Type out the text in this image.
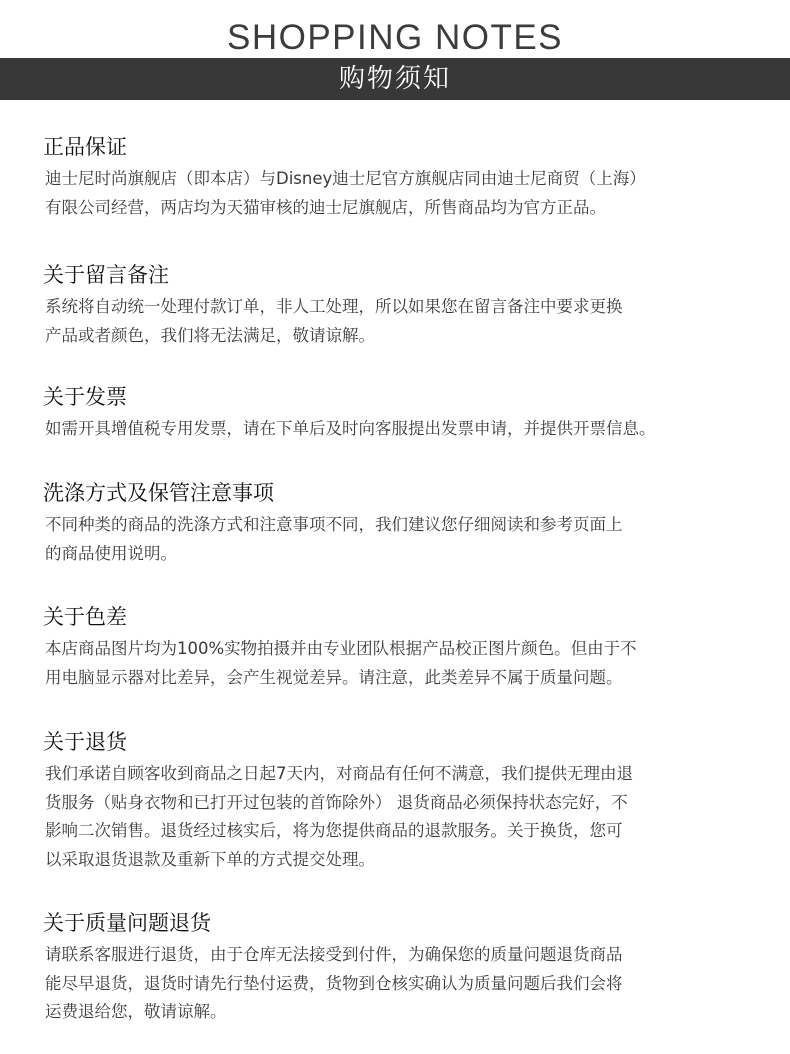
SHOPPING NOTES
购物须知
正品保证
迪士尼时尚旗舰店（即本店）与Disney迪士尼官方旗舰店同由迪士尼商贸（上海）
有限公司经营，两店均为天猫审核的迪士尼旗舰店，所售商品均为官方正品。
关于留言备注
系统将自动统一处理付款订单，非人工处理，所以如果您在留言备注中要求更换
产品或者颜色，我们将无法满足，敬请谅解。
关于发票
如需开具增值税专用发票，请在下单后及时向客服提出发票申请，并提供开票信息。
洗涤方式及保管注意事项
不同种类的商品的洗涤方式和注意事项不同，我们建议您仔细阅读和参考页面上
的商品使用说明。
关于色差
本店商品图片均为100%实物拍摄并由专业团队根据产品校正图片颜色。但由于不
用电脑显示器对比差异，会产生视觉差异。请注意，此类差异不属于质量问题。
关于退货
我们承诺自顾客收到商品之日起7天内，对商品有任何不满意，我们提供无理由退
货服务（贴身衣物和已打开过包装的首饰除外） 退货商品必须保持状态完好，不
影响二次销售。退货经过核实后，将为您提供商品的退款服务。关于换货，您可
以采取退货退款及重新下单的方式提交处理。
关于质量问题退货
请联系客服进行退货，由于仓库无法接受到付件，为确保您的质量问题退货商品
能尽早退货，退货时请先行垫付运费，货物到仓核实确认为质量问题后我们会将
运费退给您，敬请谅解。
